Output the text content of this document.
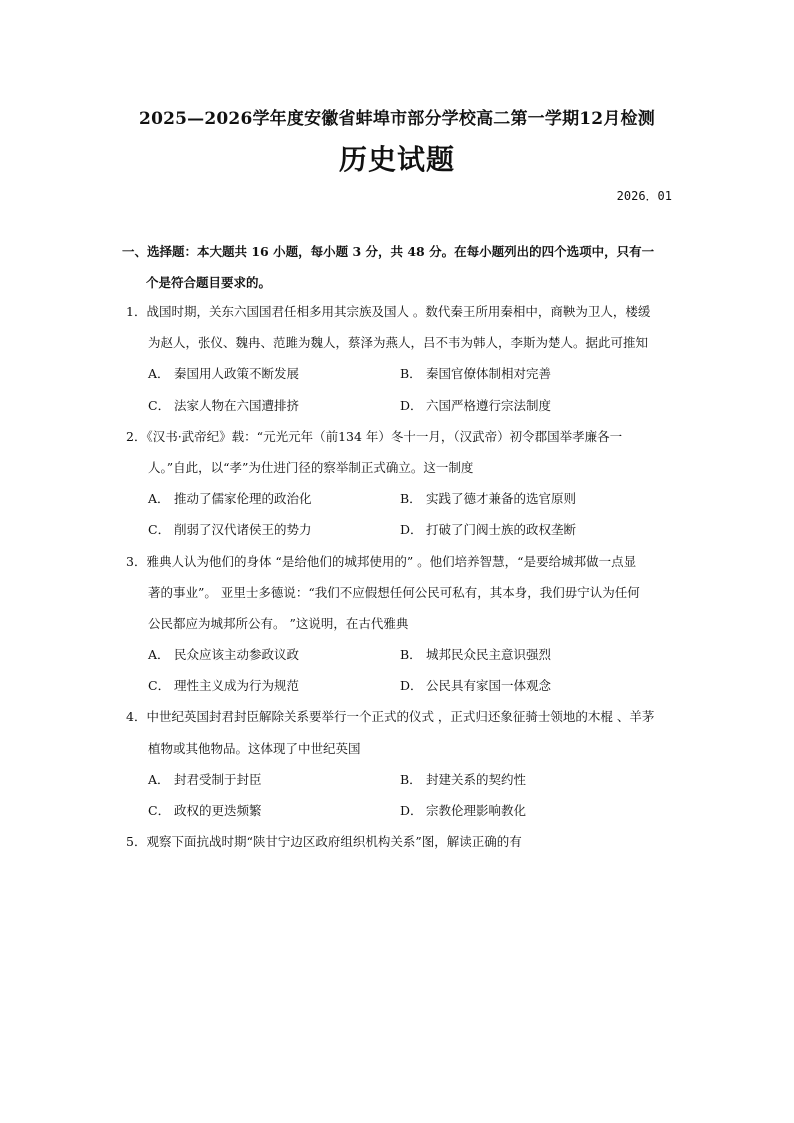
2025—2026学年度安徽省蚌埠市部分学校高二第一学期12月检测
历史试题
2026．01
一、选择题：本大题共 16 小题，每小题 3 分，共 48 分。在每小题列出的四个选项中，只有一
个是符合题目要求的。
1．战国时期，关东六国国君任相多用其宗族及国人 。数代秦王所用秦相中，商鞅为卫人，楼缓
为赵人，张仪、魏冉、范雎为魏人，蔡泽为燕人，吕不韦为韩人，李斯为楚人。据此可推知
A． 秦国用人政策不断发展	B． 秦国官僚体制相对完善
C． 法家人物在六国遭排挤	D． 六国严格遵行宗法制度
2．《汉书·武帝纪》载：“元光元年（前134 年）冬十一月，（汉武帝）初令郡国举孝廉各一
人。”自此，以“孝”为仕进门径的察举制正式确立。这一制度
A． 推动了儒家伦理的政治化	B． 实践了德才兼备的选官原则
C． 削弱了汉代诸侯王的势力	D． 打破了门阀士族的政权垄断
3．雅典人认为他们的身体 “是给他们的城邦使用的” 。他们培养智慧，“是要给城邦做一点显
著的事业”。 亚里士多德说：“我们不应假想任何公民可私有，其本身，我们毋宁认为任何
公民都应为城邦所公有。 ”这说明，在古代雅典
A． 民众应该主动参政议政	B． 城邦民众民主意识强烈
C． 理性主义成为行为规范	D． 公民具有家国一体观念
4．中世纪英国封君封臣解除关系要举行一个正式的仪式 ，正式归还象征骑士领地的木棍 、羊茅
植物或其他物品。这体现了中世纪英国
A． 封君受制于封臣	B． 封建关系的契约性
C． 政权的更迭频繁	D． 宗教伦理影响教化
5．观察下面抗战时期“陕甘宁边区政府组织机构关系”图，解读正确的有
